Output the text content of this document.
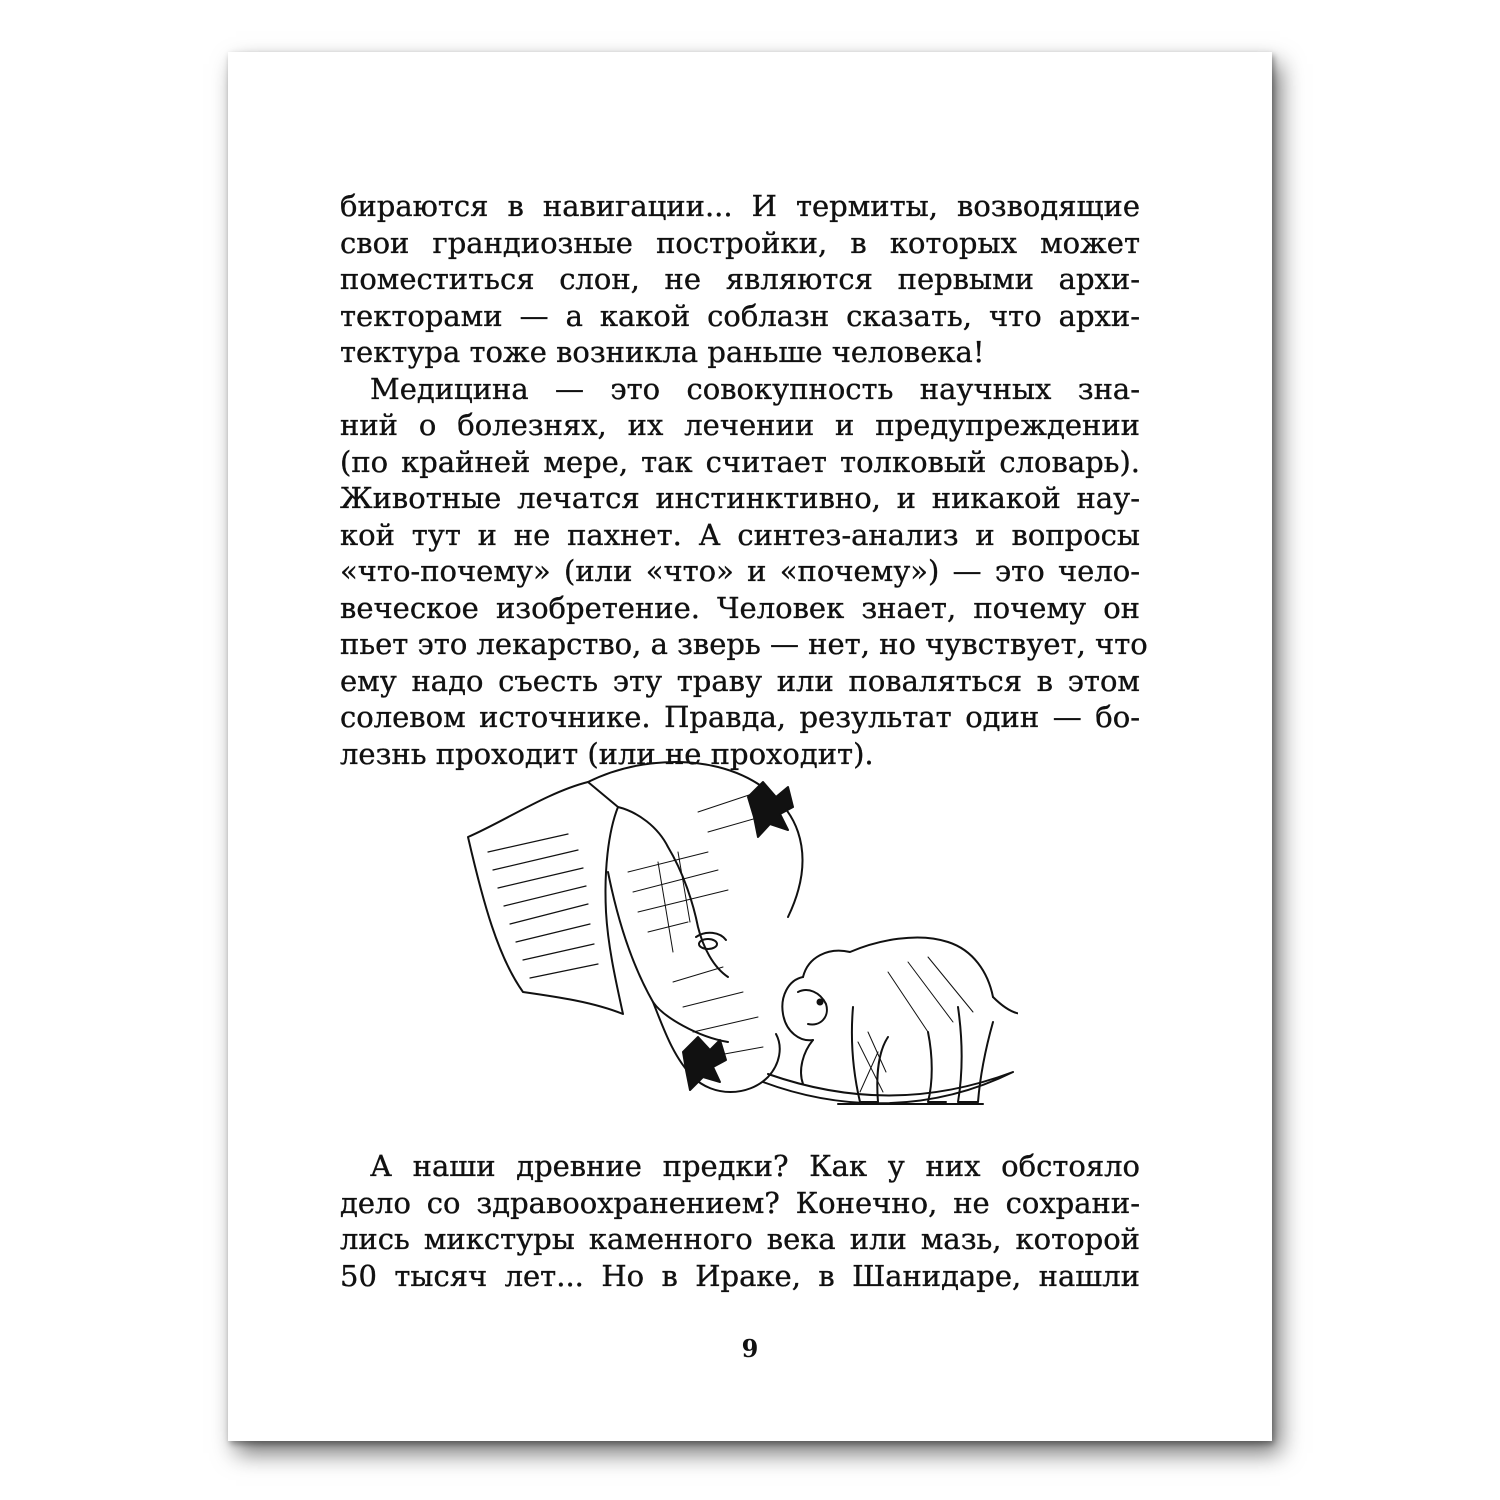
бираются в навигации... И термиты, возводящие
свои грандиозные постройки, в которых может
поместиться слон, не являются первыми архи-
текторами — а какой соблазн сказать, что архи-
тектура тоже возникла раньше человека!
Медицина — это совокупность научных зна-
ний о болезнях, их лечении и предупреждении
(по крайней мере, так считает толковый словарь).
Животные лечатся инстинктивно, и никакой нау-
кой тут и не пахнет. А синтез-анализ и вопросы
«что-почему» (или «что» и «почему») — это чело-
веческое изобретение. Человек знает, почему он
пьет это лекарство, а зверь — нет, но чувствует, что
ему надо съесть эту траву или поваляться в этом
солевом источнике. Правда, результат один — бо-
лезнь проходит (или не проходит).
А наши древние предки? Как у них обстояло
дело со здравоохранением? Конечно, не сохрани-
лись микстуры каменного века или мазь, которой
50 тысяч лет... Но в Ираке, в Шанидаре, нашли
9
